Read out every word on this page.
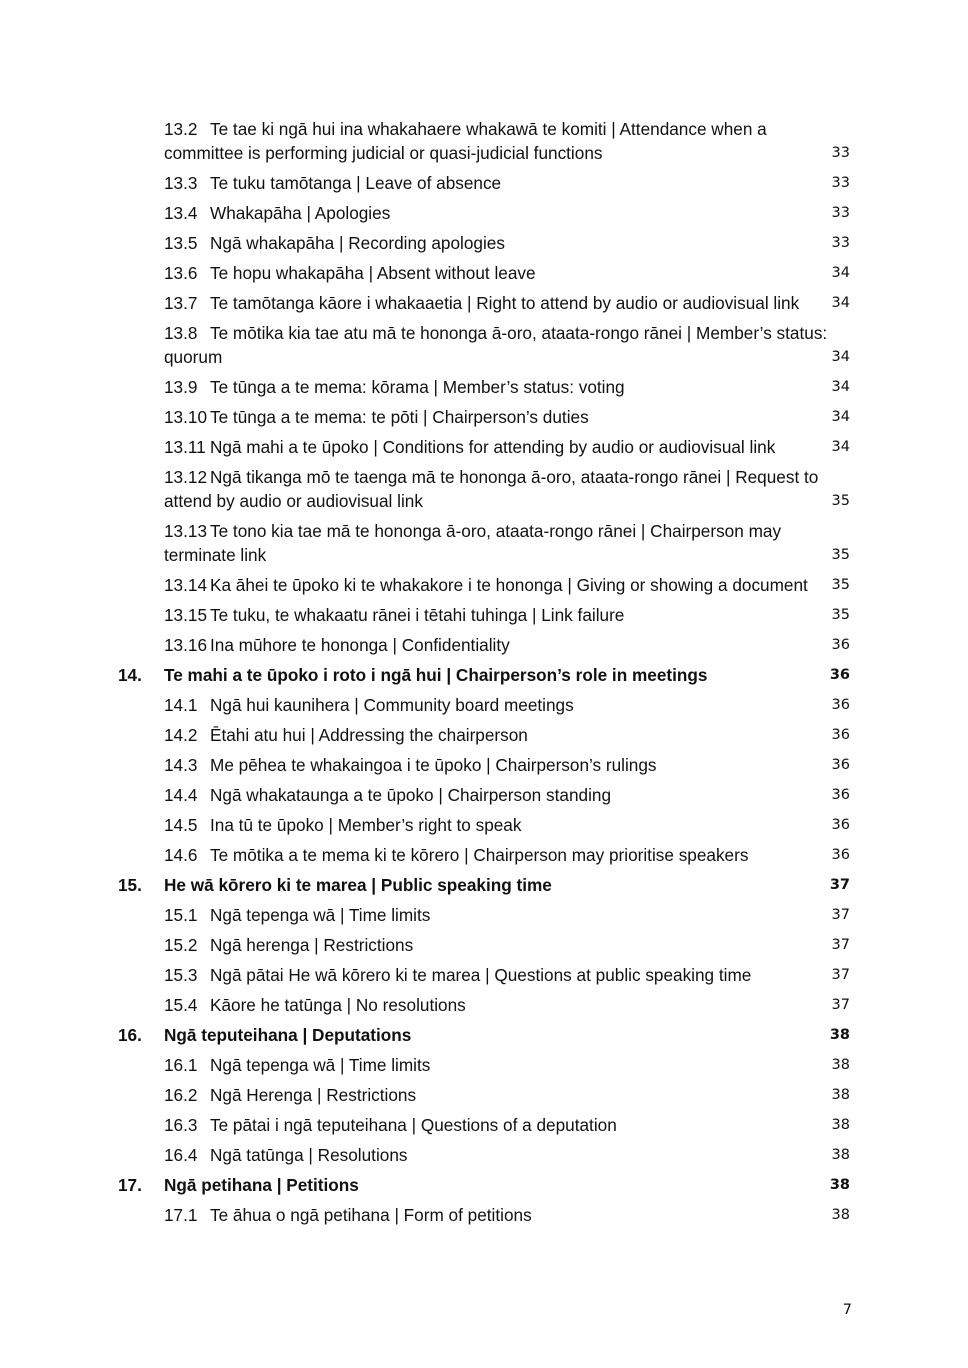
13.2 Te tae ki ngā hui ina whakahaere whakawā te komiti | Attendance when a committee is performing judicial or quasi-judicial functions	33
13.3 Te tuku tamōtanga | Leave of absence	33
13.4 Whakapāha | Apologies	33
13.5 Ngā whakapāha | Recording apologies	33
13.6 Te hopu whakapāha | Absent without leave	34
13.7 Te tamōtanga kāore i whakaaetia | Right to attend by audio or audiovisual link	34
13.8 Te mōtika kia tae atu mā te hononga ā-oro, ataata-rongo rānei | Member’s status: quorum	34
13.9 Te tūnga a te mema: kōrama | Member’s status: voting	34
13.10 Te tūnga a te mema: te pōti | Chairperson’s duties	34
13.11 Ngā mahi a te ūpoko | Conditions for attending by audio or audiovisual link	34
13.12 Ngā tikanga mō te taenga mā te hononga ā-oro, ataata-rongo rānei | Request to attend by audio or audiovisual link	35
13.13 Te tono kia tae mā te hononga ā-oro, ataata-rongo rānei | Chairperson may terminate link	35
13.14 Ka āhei te ūpoko ki te whakakore i te hononga | Giving or showing a document	35
13.15 Te tuku, te whakaatu rānei i tētahi tuhinga | Link failure	35
13.16 Ina mūhore te hononga | Confidentiality	36
14. Te mahi a te ūpoko i roto i ngā hui | Chairperson’s role in meetings	36
14.1 Ngā hui kaunihera | Community board meetings	36
14.2 Ētahi atu hui | Addressing the chairperson	36
14.3 Me pēhea te whakaingoa i te ūpoko | Chairperson’s rulings	36
14.4 Ngā whakataunga a te ūpoko | Chairperson standing	36
14.5 Ina tū te ūpoko | Member’s right to speak	36
14.6 Te mōtika a te mema ki te kōrero | Chairperson may prioritise speakers	36
15. He wā kōrero ki te marea | Public speaking time	37
15.1 Ngā tepenga wā | Time limits	37
15.2 Ngā herenga | Restrictions	37
15.3 Ngā pātai He wā kōrero ki te marea | Questions at public speaking time	37
15.4 Kāore he tatūnga | No resolutions	37
16. Ngā teputeihana | Deputations	38
16.1 Ngā tepenga wā | Time limits	38
16.2 Ngā Herenga | Restrictions	38
16.3 Te pātai i ngā teputeihana | Questions of a deputation	38
16.4 Ngā tatūnga | Resolutions	38
17. Ngā petihana | Petitions	38
17.1 Te āhua o ngā petihana | Form of petitions	38
7
